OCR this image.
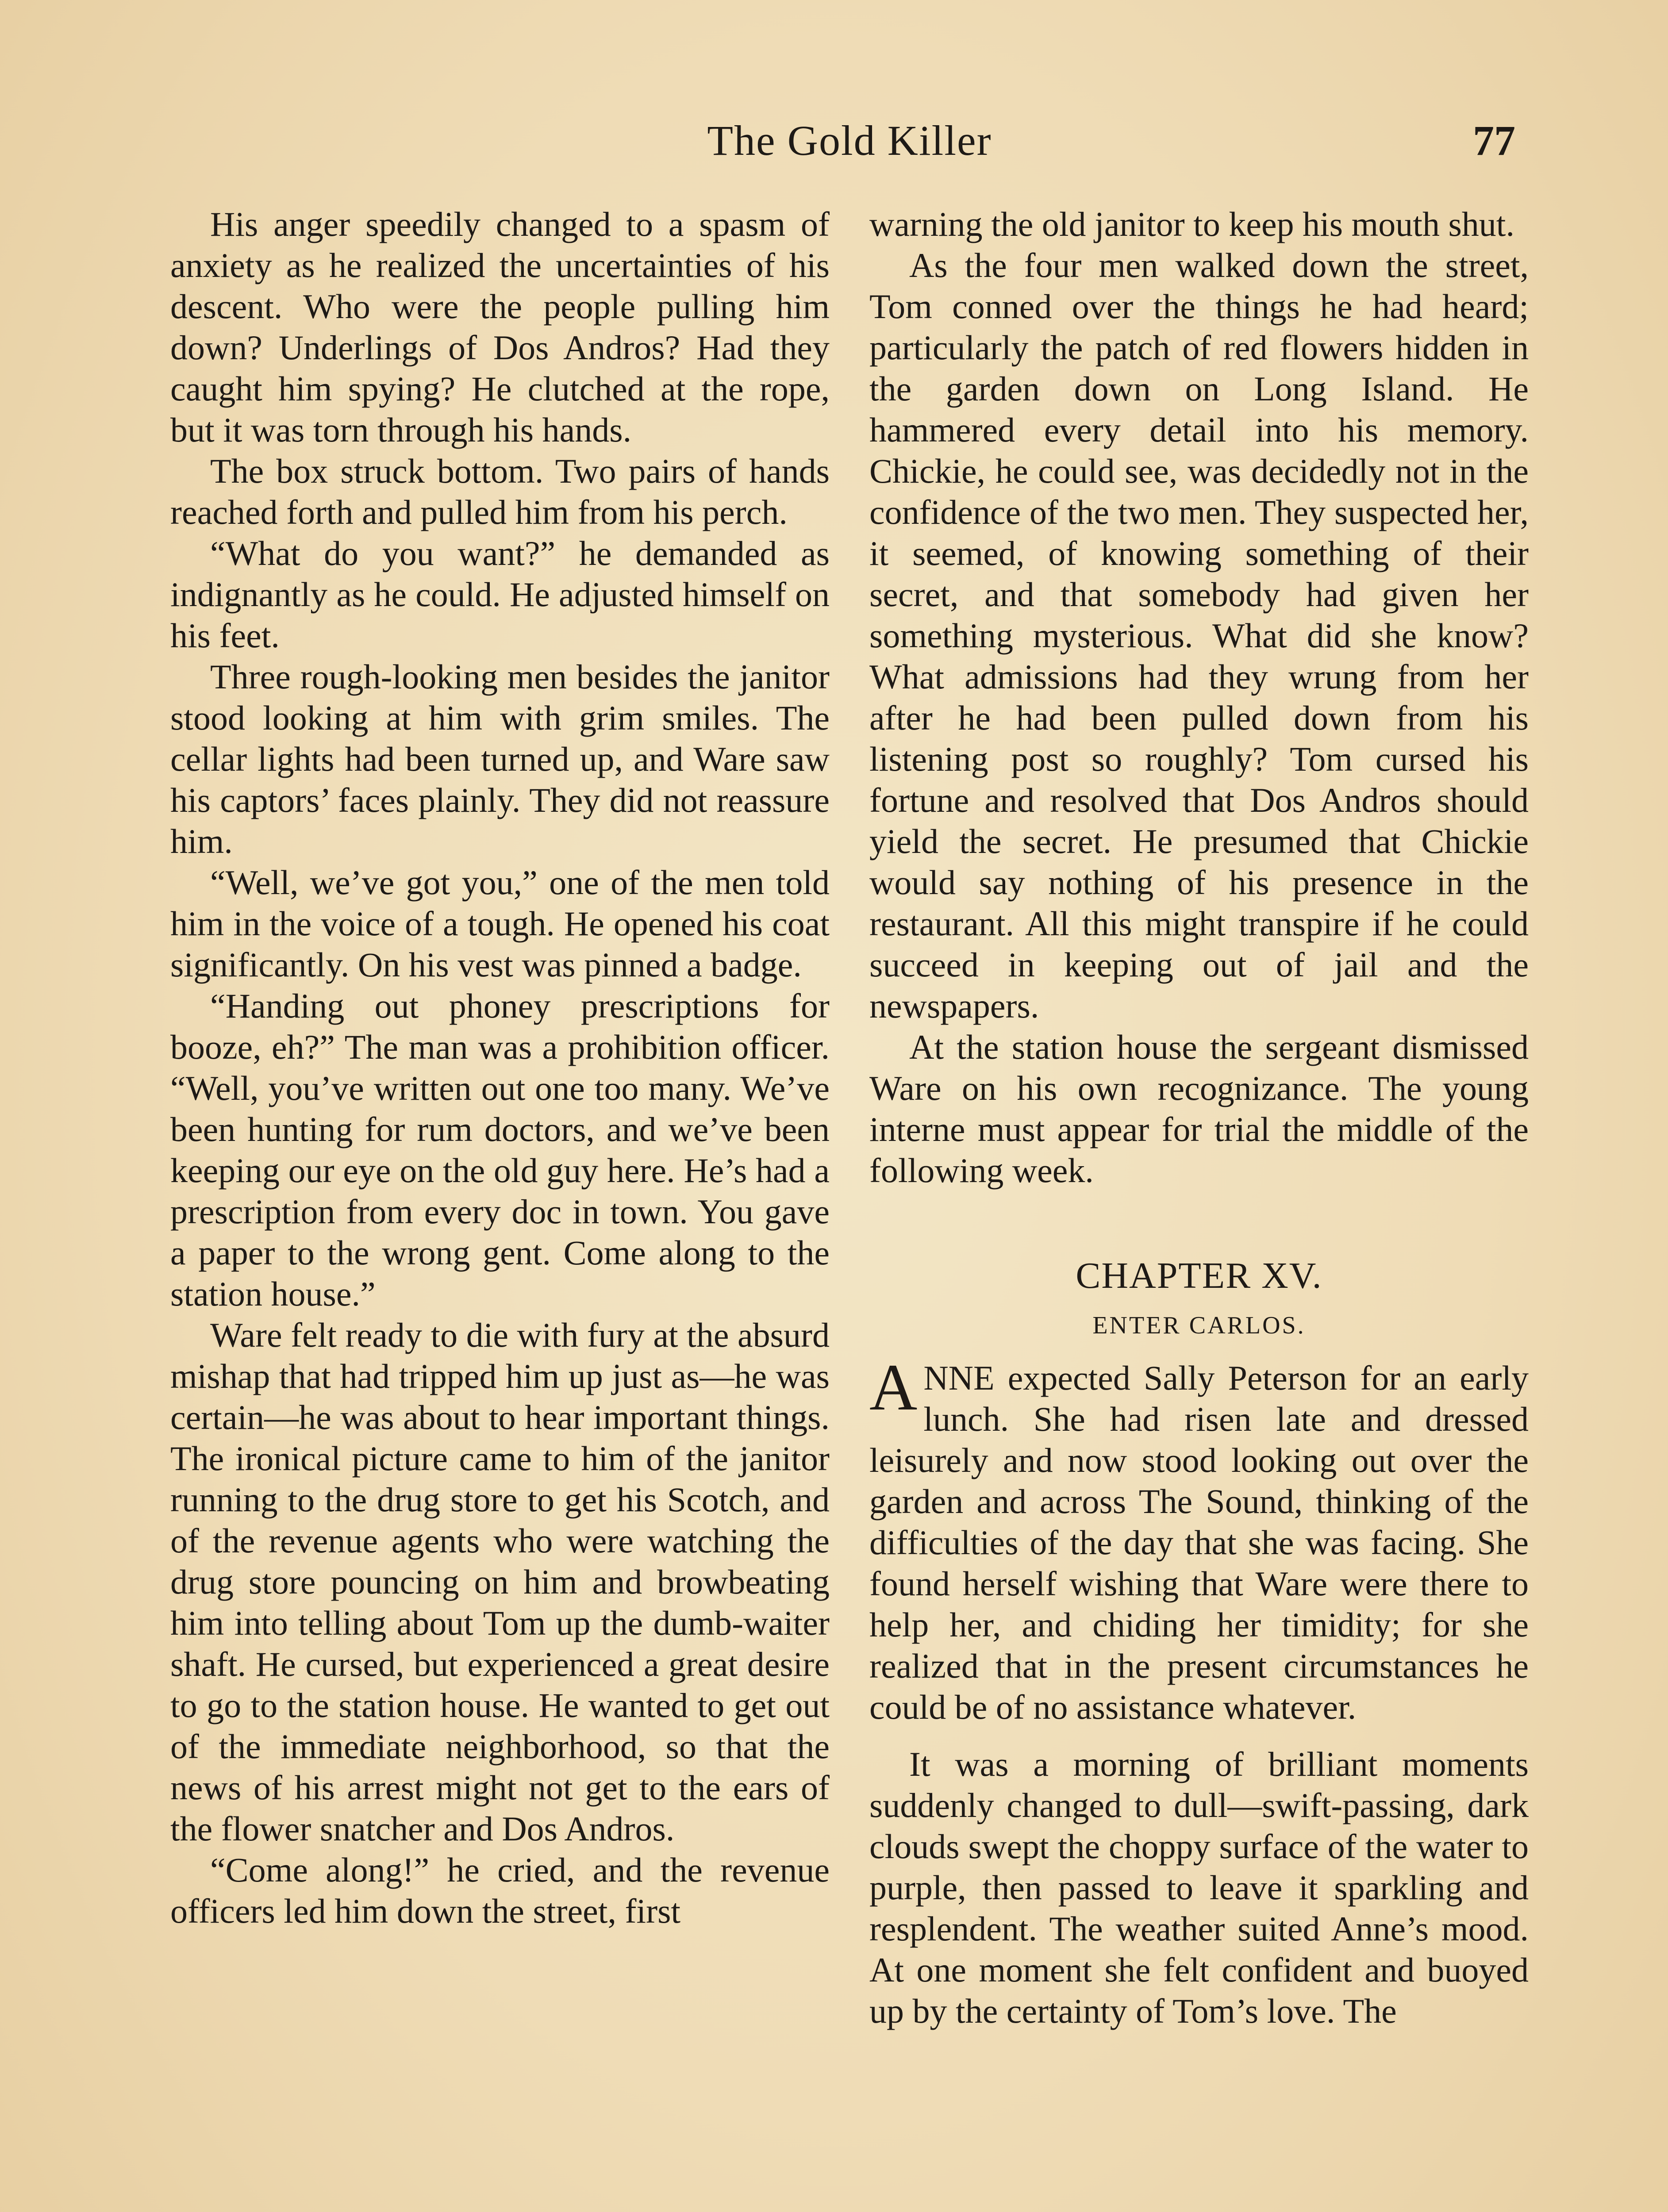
The Gold Killer	77

His anger speedily changed to a spasm of anxiety as he realized the uncertainties of his descent. Who were the people pulling him down? Underlings of Dos Andros? Had they caught him spying? He clutched at the rope, but it was torn through his hands.

The box struck bottom. Two pairs of hands reached forth and pulled him from his perch.

“What do you want?” he demanded as indignantly as he could. He adjusted himself on his feet.

Three rough-looking men besides the janitor stood looking at him with grim smiles. The cellar lights had been turned up, and Ware saw his captors’ faces plainly. They did not reassure him.

“Well, we’ve got you,” one of the men told him in the voice of a tough. He opened his coat significantly. On his vest was pinned a badge.

“Handing out phoney prescriptions for booze, eh?” The man was a prohibition officer. “Well, you’ve written out one too many. We’ve been hunting for rum doctors, and we’ve been keeping our eye on the old guy here. He’s had a prescription from every doc in town. You gave a paper to the wrong gent. Come along to the station house.”

Ware felt ready to die with fury at the absurd mishap that had tripped him up just as—he was certain—he was about to hear important things. The ironical picture came to him of the janitor running to the drug store to get his Scotch, and of the revenue agents who were watching the drug store pouncing on him and browbeating him into telling about Tom up the dumb-waiter shaft. He cursed, but experienced a great desire to go to the station house. He wanted to get out of the immediate neighborhood, so that the news of his arrest might not get to the ears of the flower snatcher and Dos Andros.

“Come along!” he cried, and the revenue officers led him down the street, first

warning the old janitor to keep his mouth shut.

As the four men walked down the street, Tom conned over the things he had heard; particularly the patch of red flowers hidden in the garden down on Long Island. He hammered every detail into his memory. Chickie, he could see, was decidedly not in the confidence of the two men. They suspected her, it seemed, of knowing something of their secret, and that somebody had given her something mysterious. What did she know? What admissions had they wrung from her after he had been pulled down from his listening post so roughly? Tom cursed his fortune and resolved that Dos Andros should yield the secret. He presumed that Chickie would say nothing of his presence in the restaurant. All this might transpire if he could succeed in keeping out of jail and the newspapers.

At the station house the sergeant dismissed Ware on his own recognizance. The young interne must appear for trial the middle of the following week.

CHAPTER XV.
ENTER CARLOS.

ANNE expected Sally Peterson for an early lunch. She had risen late and dressed leisurely and now stood looking out over the garden and across The Sound, thinking of the difficulties of the day that she was facing. She found herself wishing that Ware were there to help her, and chiding her timidity; for she realized that in the present circumstances he could be of no assistance whatever.

It was a morning of brilliant moments suddenly changed to dull—swift-passing, dark clouds swept the choppy surface of the water to purple, then passed to leave it sparkling and resplendent. The weather suited Anne’s mood. At one moment she felt confident and buoyed up by the certainty of Tom’s love. The
